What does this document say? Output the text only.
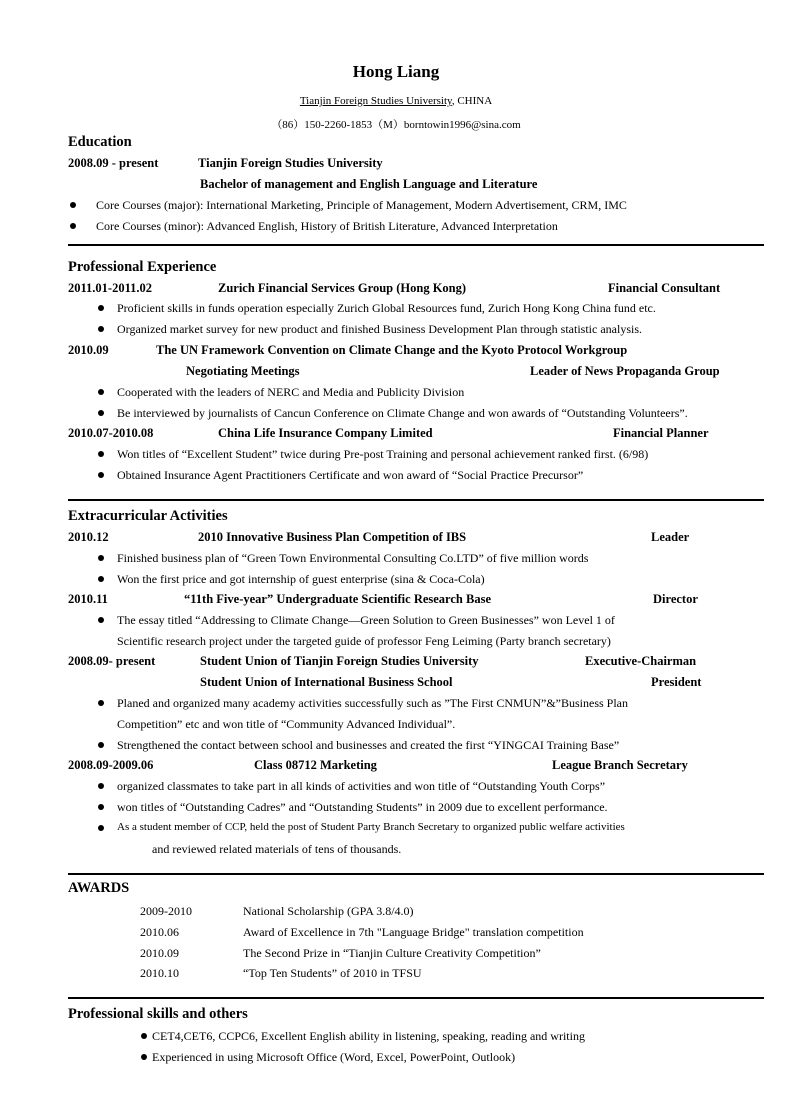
Hong Liang
Tianjin Foreign Studies University, CHINA
（86）150-2260-1853（M）borntowin1996@sina.com
Education
2008.09 - present	Tianjin Foreign Studies University
Bachelor of management and English Language and Literature
Core Courses (major): International Marketing, Principle of Management, Modern Advertisement, CRM, IMC
Core Courses (minor): Advanced English, History of British Literature, Advanced Interpretation
Professional Experience
2011.01-2011.02	Zurich Financial Services Group (Hong Kong)	Financial Consultant
Proficient skills in funds operation especially Zurich Global Resources fund, Zurich Hong Kong China fund etc.
Organized market survey for new product and finished Business Development Plan through statistic analysis.
2010.09	The UN Framework Convention on Climate Change and the Kyoto Protocol Workgroup
Negotiating Meetings	Leader of News Propaganda Group
Cooperated with the leaders of NERC and Media and Publicity Division
Be interviewed by journalists of Cancun Conference on Climate Change and won awards of “Outstanding Volunteers”.
2010.07-2010.08	China Life Insurance Company Limited	Financial Planner
Won titles of “Excellent Student” twice during Pre-post Training and personal achievement ranked first. (6/98)
Obtained Insurance Agent Practitioners Certificate and won award of “Social Practice Precursor”
Extracurricular Activities
2010.12	2010 Innovative Business Plan Competition of IBS	Leader
Finished business plan of “Green Town Environmental Consulting Co.LTD” of five million words
Won the first price and got internship of guest enterprise (sina & Coca-Cola)
2010.11	“11th Five-year” Undergraduate Scientific Research Base	Director
The essay titled “Addressing to Climate Change—Green Solution to Green Businesses” won Level 1 of
Scientific research project under the targeted guide of professor Feng Leiming (Party branch secretary)
2008.09- present	Student Union of Tianjin Foreign Studies University	Executive-Chairman
Student Union of International Business School	President
Planed and organized many academy activities successfully such as ”The First CNMUN”&”Business Plan
Competition” etc and won title of “Community Advanced Individual”.
Strengthened the contact between school and businesses and created the first “YINGCAI Training Base”
2008.09-2009.06	Class 08712 Marketing	League Branch Secretary
organized classmates to take part in all kinds of activities and won title of “Outstanding Youth Corps”
won titles of “Outstanding Cadres” and “Outstanding Students” in 2009 due to excellent performance.
As a student member of CCP, held the post of Student Party Branch Secretary to organized public welfare activities
and reviewed related materials of tens of thousands.
AWARDS
2009-2010	National Scholarship (GPA 3.8/4.0)
2010.06	Award of Excellence in 7th "Language Bridge" translation competition
2010.09	The Second Prize in “Tianjin Culture Creativity Competition”
2010.10	“Top Ten Students” of 2010 in TFSU
Professional skills and others
CET4,CET6, CCPC6, Excellent English ability in listening, speaking, reading and writing
Experienced in using Microsoft Office (Word, Excel, PowerPoint, Outlook)
